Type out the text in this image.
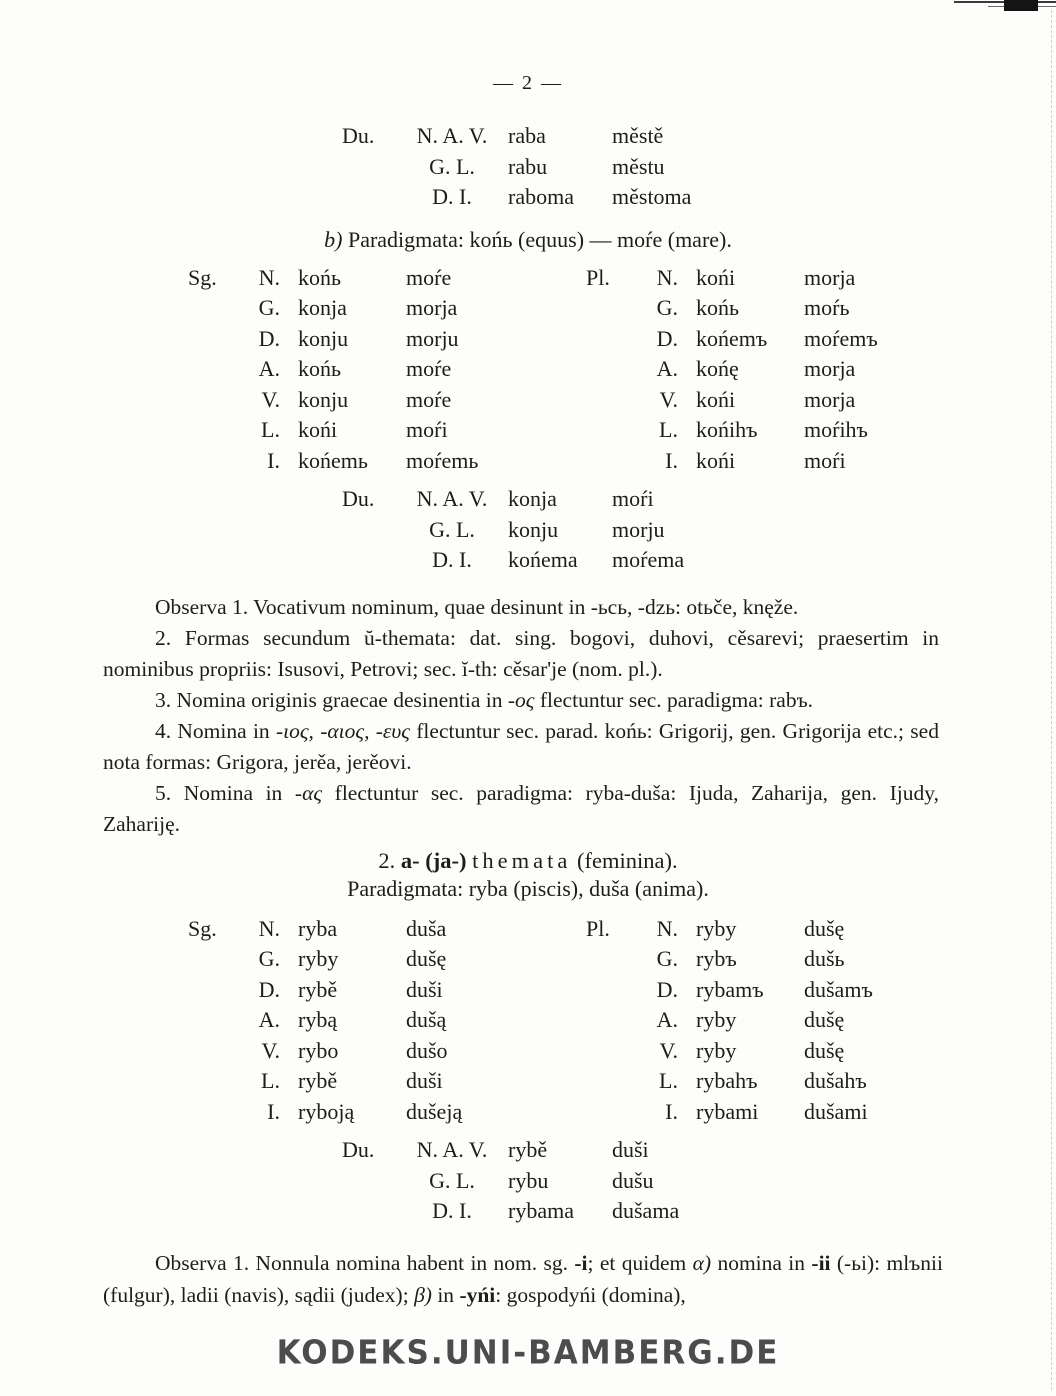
— 2 —
Du.	N. A. V. raba	městě
G. L.	rabu	městu
D. I.	raboma	městoma
b) Paradigmata: końь (equus) — moŕe (mare).
Sg.	N. końь	moŕe
G. konja	morja
D. konju	morju
A. końь	moŕe
V. konju	moŕe
L. końi	moŕi
I. końemь	moŕemь
Pl.	N. końi	morja
G. końь	moŕь
D. końemъ	moŕemъ
A. końę	morja
V. końi	morja
L. końihъ	moŕihъ
I. końi	moŕi
Du.	N. A. V. konja	moŕi
G. L.	konju	morju
D. I.	końema	moŕema
Observa 1. Vocativum nominum, quae desinunt in -ьcь, -dzь: otьče, knęže.
2. Formas secundum ŭ-themata: dat. sing. bogovi, duhovi, cěsarevi; praesertim in nominibus propriis: Isusovi, Petrovi; sec. ĭ-th: cěsar'je (nom. pl.).
3. Nomina originis graecae desinentia in -ος flectuntur sec. paradigma: rabъ.
4. Nomina in -ιος, -αιος, -ευς flectuntur sec. parad. końь: Grigorij, gen. Grigorija etc.; sed nota formas: Grigora, jerěa, jerěovi.
5. Nomina in -ας flectuntur sec. paradigma: ryba-duša: Ijuda, Zaharija, gen. Ijudy, Zahariję.
2. a- (ja-) themata (feminina).
Paradigmata: ryba (piscis), duša (anima).
Sg.	N. ryba	duša
G. ryby	dušę
D. rybě	duši
A. rybą	dušą
V. rybo	dušo
L. rybě	duši
I. ryboją	dušeją
Pl.	N. ryby	dušę
G. rybъ	dušь
D. rybamъ	dušamъ
A. ryby	dušę
V. ryby	dušę
L. rybahъ	dušahъ
I. rybami	dušami
Du.	N. A. V. rybě	duši
G. L.	rybu	dušu
D. I.	rybama	dušama
Observa 1. Nonnula nomina habent in nom. sg. -i; et quidem α) nomina in -ii (-ьi): mlъnii (fulgur), ladii (navis), sądii (judex); β) in -yńi: gospodyńi (domina),
KODEKS.UNI-BAMBERG.DE
